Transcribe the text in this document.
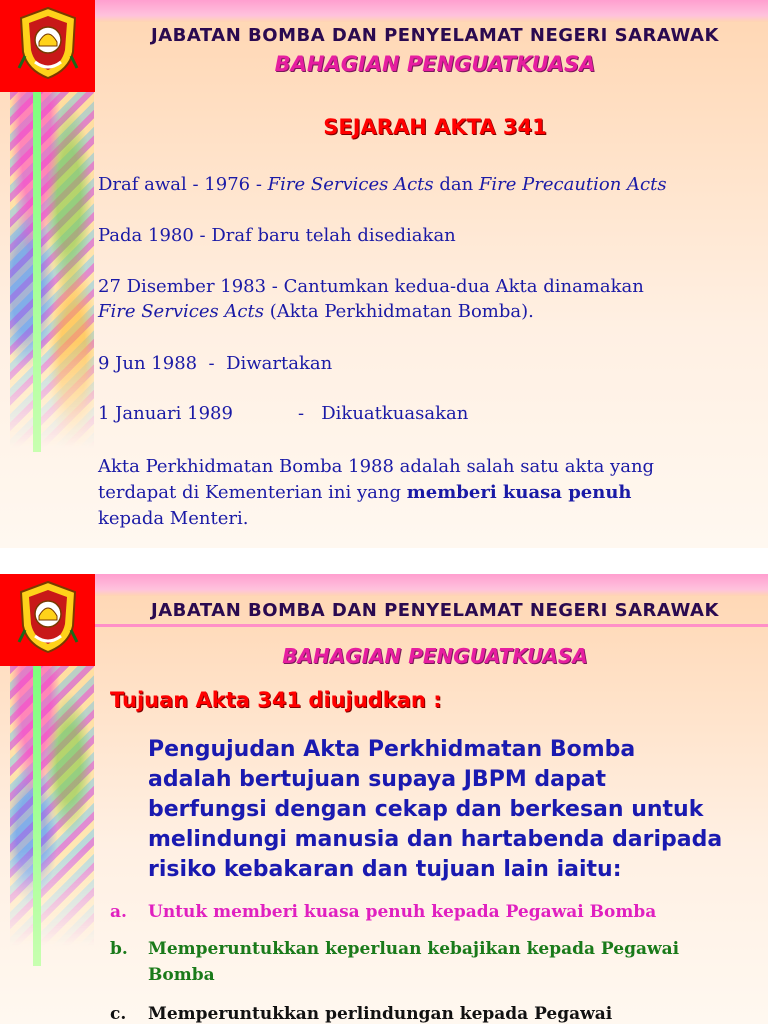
JABATAN BOMBA DAN PENYELAMAT NEGERI SARAWAK
BAHAGIAN PENGUATKUASA
SEJARAH AKTA 341
Draf awal - 1976 - Fire Services Acts dan Fire Precaution Acts
Pada 1980 - Draf baru telah disediakan
27 Disember 1983 - Cantumkan kedua-dua Akta dinamakan
Fire Services Acts (Akta Perkhidmatan Bomba).
9 Jun 1988  -  Diwartakan
1 Januari 1989	-   Dikuatkuasakan
Akta Perkhidmatan Bomba 1988 adalah salah satu akta yang
terdapat di Kementerian ini yang memberi kuasa penuh
kepada Menteri.
JABATAN BOMBA DAN PENYELAMAT NEGERI SARAWAK
BAHAGIAN PENGUATKUASA
Tujuan Akta 341 diujudkan :
Pengujudan Akta Perkhidmatan Bomba
adalah bertujuan supaya JBPM dapat
berfungsi dengan cekap dan berkesan untuk
melindungi manusia dan hartabenda daripada
risiko kebakaran dan tujuan lain iaitu:
a. Untuk memberi kuasa penuh kepada Pegawai Bomba
b. Memperuntukkan keperluan kebajikan kepada Pegawai
Bomba
c. Memperuntukkan perlindungan kepada Pegawai
